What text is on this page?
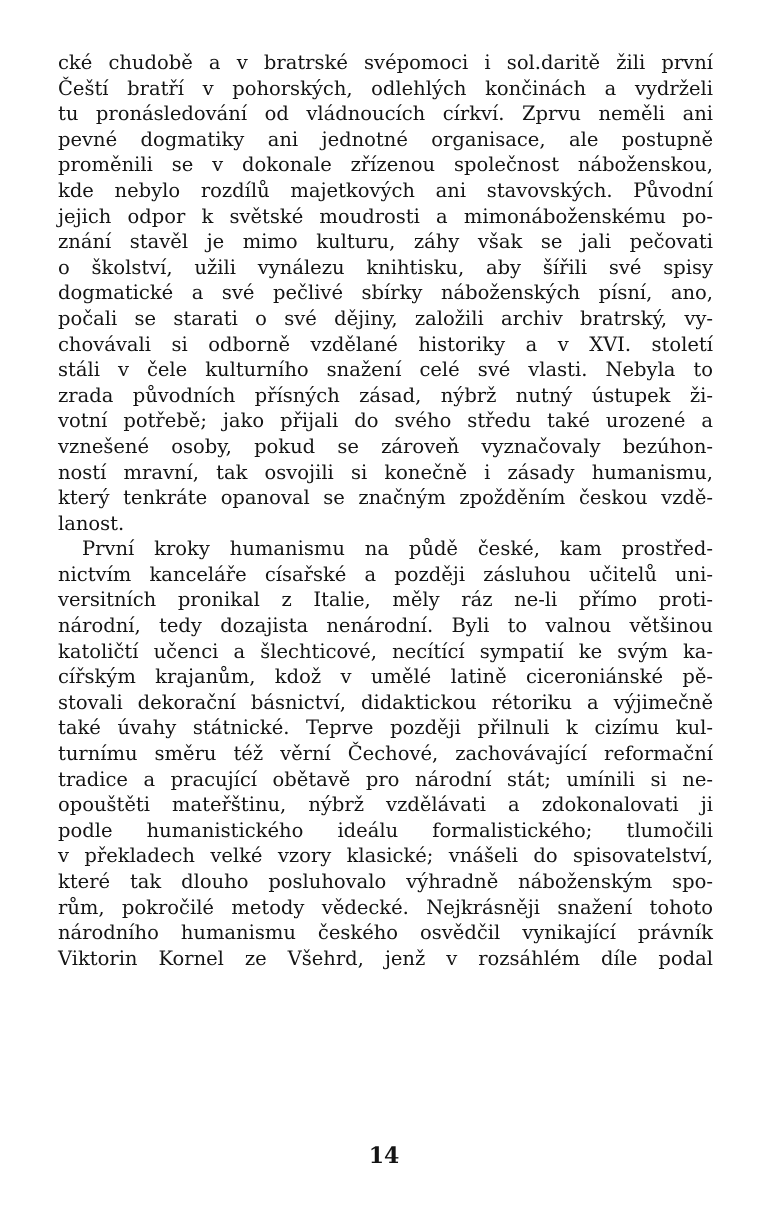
cké chudobě a v bratrské svépomoci i sol.daritě žili první
Čeští bratří v pohorských, odlehlých končinách a vydrželi
tu pronásledování od vládnoucích církví. Zprvu neměli ani
pevné dogmatiky ani jednotné organisace, ale postupně
proměnili se v dokonale zřízenou společnost náboženskou,
kde nebylo rozdílů majetkových ani stavovských. Původní
jejich odpor k světské moudrosti a mimonáboženskému po-
znání stavěl je mimo kulturu, záhy však se jali pečovati
o školství, užili vynálezu knihtisku, aby šířili své spisy
dogmatické a své pečlivé sbírky náboženských písní, ano,
počali se starati o své dějiny, založili archiv bratrský, vy-
chovávali si odborně vzdělané historiky a v XVI. století
stáli v čele kulturního snažení celé své vlasti. Nebyla to
zrada původních přísných zásad, nýbrž nutný ústupek ži-
votní potřebě; jako přijali do svého středu také urozené a
vznešené osoby, pokud se zároveň vyznačovaly bezúhon-
ností mravní, tak osvojili si konečně i zásady humanismu,
který tenkráte opanoval se značným zpožděním českou vzdě-
lanost.
První kroky humanismu na půdě české, kam prostřed-
nictvím kanceláře císařské a později zásluhou učitelů uni-
versitních pronikal z Italie, měly ráz ne-li přímo proti-
národní, tedy dozajista nenárodní. Byli to valnou většinou
katoličtí učenci a šlechticové, necítící sympatií ke svým ka-
cířským krajanům, kdož v umělé latině ciceroniánské pě-
stovali dekorační básnictví, didaktickou rétoriku a výjimečně
také úvahy státnické. Teprve později přilnuli k cizímu kul-
turnímu směru též věrní Čechové, zachovávající reformační
tradice a pracující obětavě pro národní stát; umínili si ne-
opouštěti mateřštinu, nýbrž vzdělávati a zdokonalovati ji
podle humanistického ideálu formalistického; tlumočili
v překladech velké vzory klasické; vnášeli do spisovatelství,
které tak dlouho posluhovalo výhradně náboženským spo-
rům, pokročilé metody vědecké. Nejkrásněji snažení tohoto
národního humanismu českého osvědčil vynikající právník
Viktorin Kornel ze Všehrd, jenž v rozsáhlém díle podal
14
